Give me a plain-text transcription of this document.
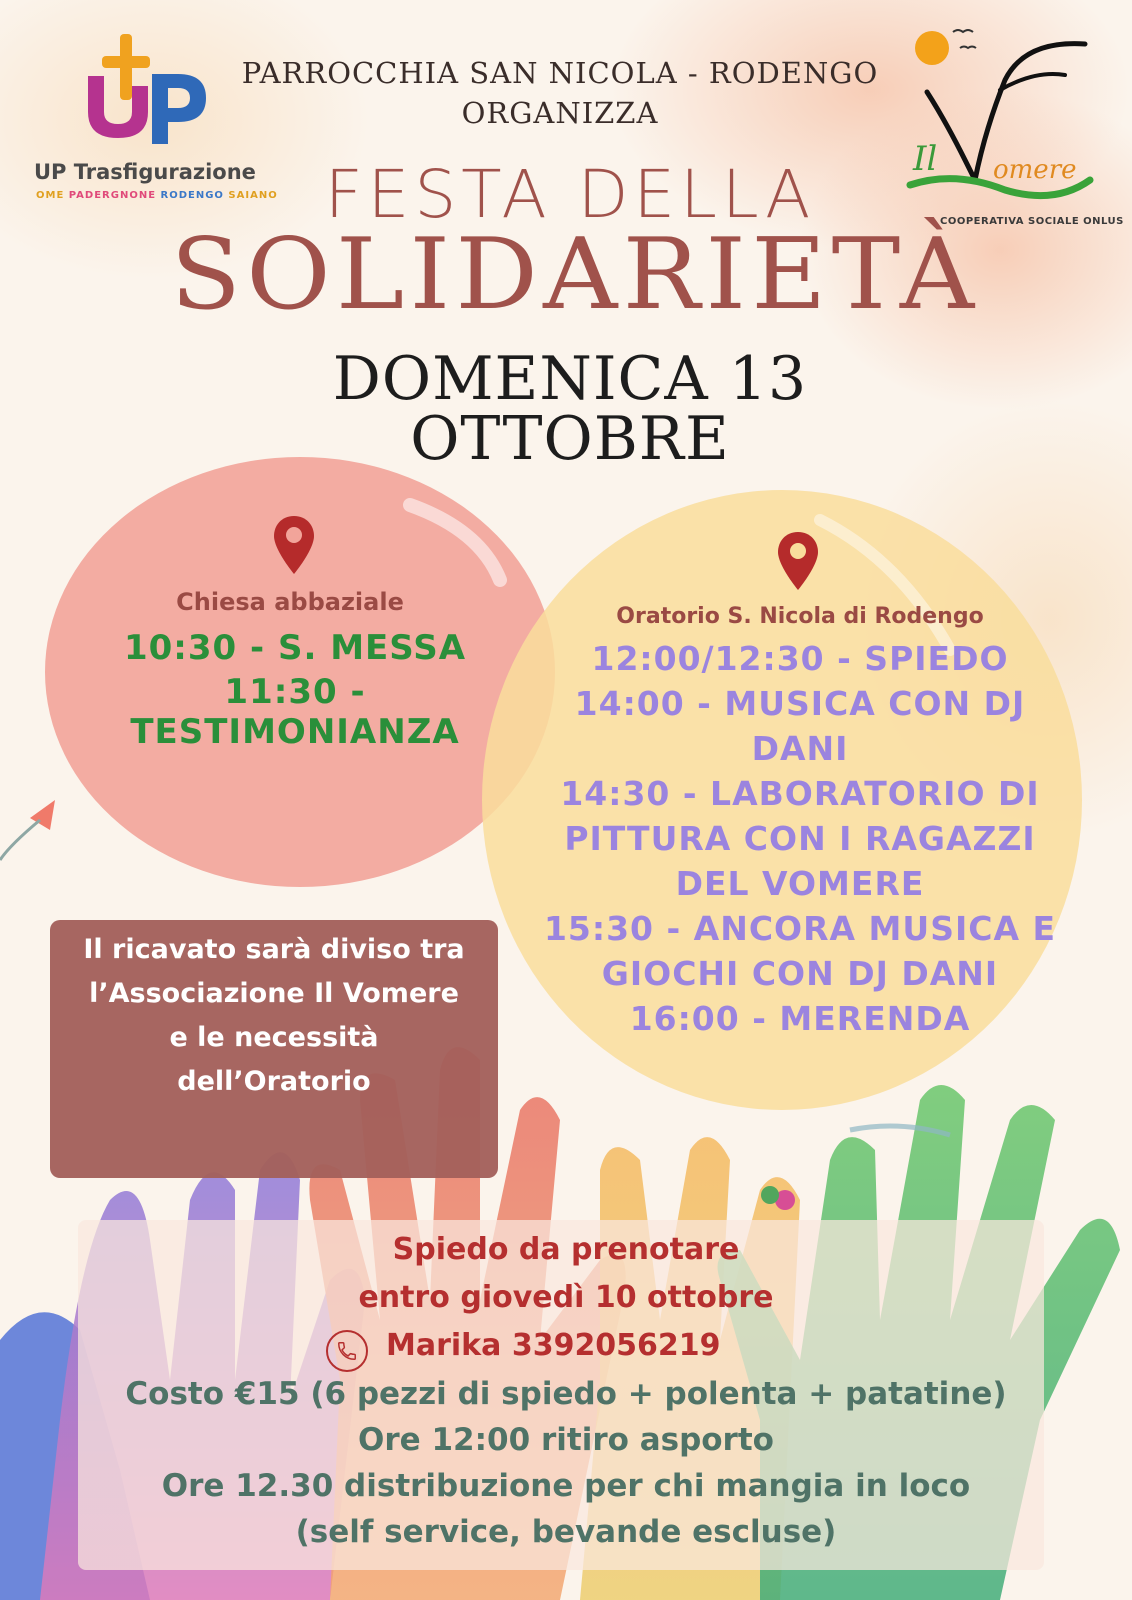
UP Trasfigurazione
OME PADERGNONE RODENGO SAIANO
Il omere
COOPERATIVA SOCIALE ONLUS
PARROCCHIA SAN NICOLA - RODENGO
ORGANIZZA
FESTA DELLA
SOLIDARIETÀ
DOMENICA 13
OTTOBRE
Chiesa abbaziale
10:30 - S. MESSA
11:30 - TESTIMONIANZA
Oratorio S. Nicola di Rodengo
12:00/12:30 - SPIEDO
14:00 - MUSICA CON DJ
DANI
14:30 - LABORATORIO DI
PITTURA CON I RAGAZZI
DEL VOMERE
15:30 - ANCORA MUSICA E
GIOCHI CON DJ DANI
16:00 - MERENDA
Il ricavato sarà diviso tra
l’Associazione Il Vomere
e le necessità
dell’Oratorio
Spiedo da prenotare
entro giovedì 10 ottobre
Marika 3392056219
Costo €15 (6 pezzi di spiedo + polenta + patatine)
Ore 12:00 ritiro asporto
Ore 12.30 distribuzione per chi mangia in loco
(self service, bevande escluse)
